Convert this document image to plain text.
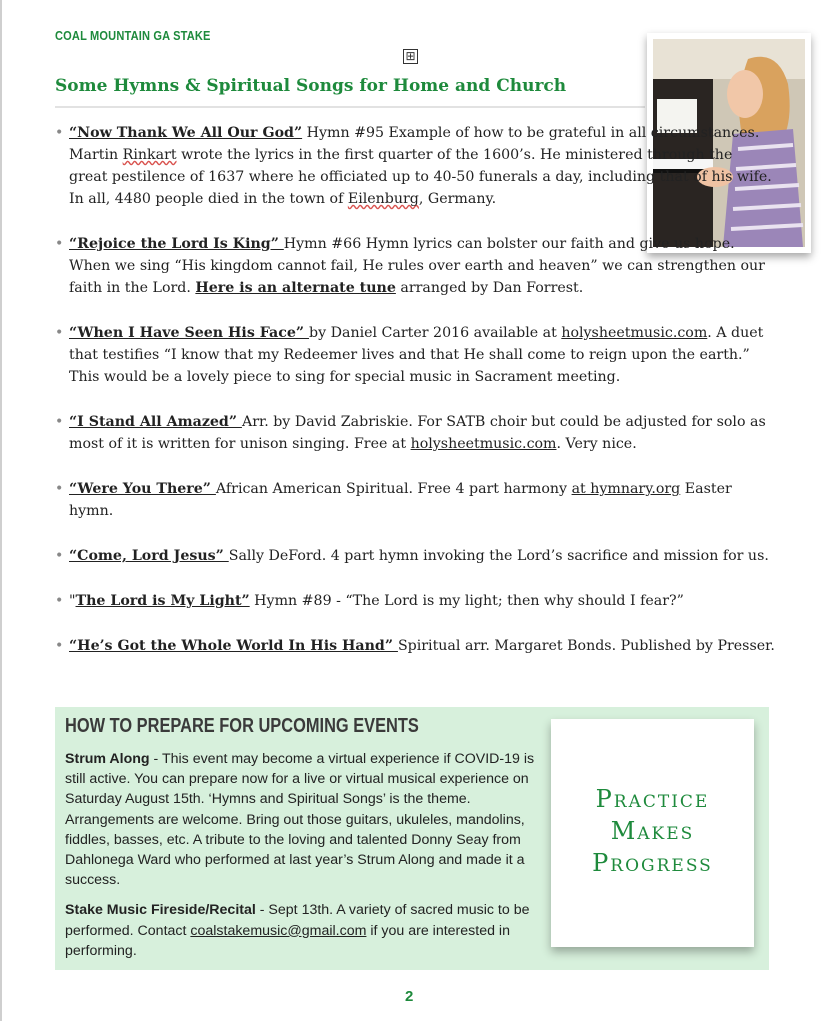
COAL MOUNTAIN GA STAKE
⊞
Some Hymns & Spiritual Songs for Home and Church
• “Now Thank We All Our God” Hymn #95 Example of how to be grateful in all circumstances. Martin Rinkart wrote the lyrics in the first quarter of the 1600’s. He ministered through the great pestilence of 1637 where he officiated up to 40-50 funerals a day, including that of his wife. In all, 4480 people died in the town of Eilenburg, Germany.
• “Rejoice the Lord Is King” Hymn #66 Hymn lyrics can bolster our faith and give us hope. When we sing “His kingdom cannot fail, He rules over earth and heaven” we can strengthen our faith in the Lord. Here is an alternate tune arranged by Dan Forrest.
• “When I Have Seen His Face” by Daniel Carter 2016 available at holysheetmusic.com. A duet that testifies “I know that my Redeemer lives and that He shall come to reign upon the earth.” This would be a lovely piece to sing for special music in Sacrament meeting.
• “I Stand All Amazed” Arr. by David Zabriskie. For SATB choir but could be adjusted for solo as most of it is written for unison singing. Free at holysheetmusic.com. Very nice.
• “Were You There” African American Spiritual. Free 4 part harmony at hymnary.org Easter hymn.
• “Come, Lord Jesus” Sally DeFord. 4 part hymn invoking the Lord’s sacrifice and mission for us.
• "The Lord is My Light” Hymn #89 - “The Lord is my light; then why should I fear?”
• “He’s Got the Whole World In His Hand” Spiritual arr. Margaret Bonds. Published by Presser.
HOW TO PREPARE FOR UPCOMING EVENTS

Strum Along - This event may become a virtual experience if COVID-19 is still active. You can prepare now for a live or virtual musical experience on Saturday August 15th. ‘Hymns and Spiritual Songs’ is the theme. Arrangements are welcome. Bring out those guitars, ukuleles, mandolins, fiddles, basses, etc. A tribute to the loving and talented Donny Seay from Dahlonega Ward who performed at last year’s Strum Along and made it a success.

Stake Music Fireside/Recital - Sept 13th. A variety of sacred music to be performed. Contact coalstakemusic@gmail.com if you are interested in performing.

Practice
Makes
Progress
2
